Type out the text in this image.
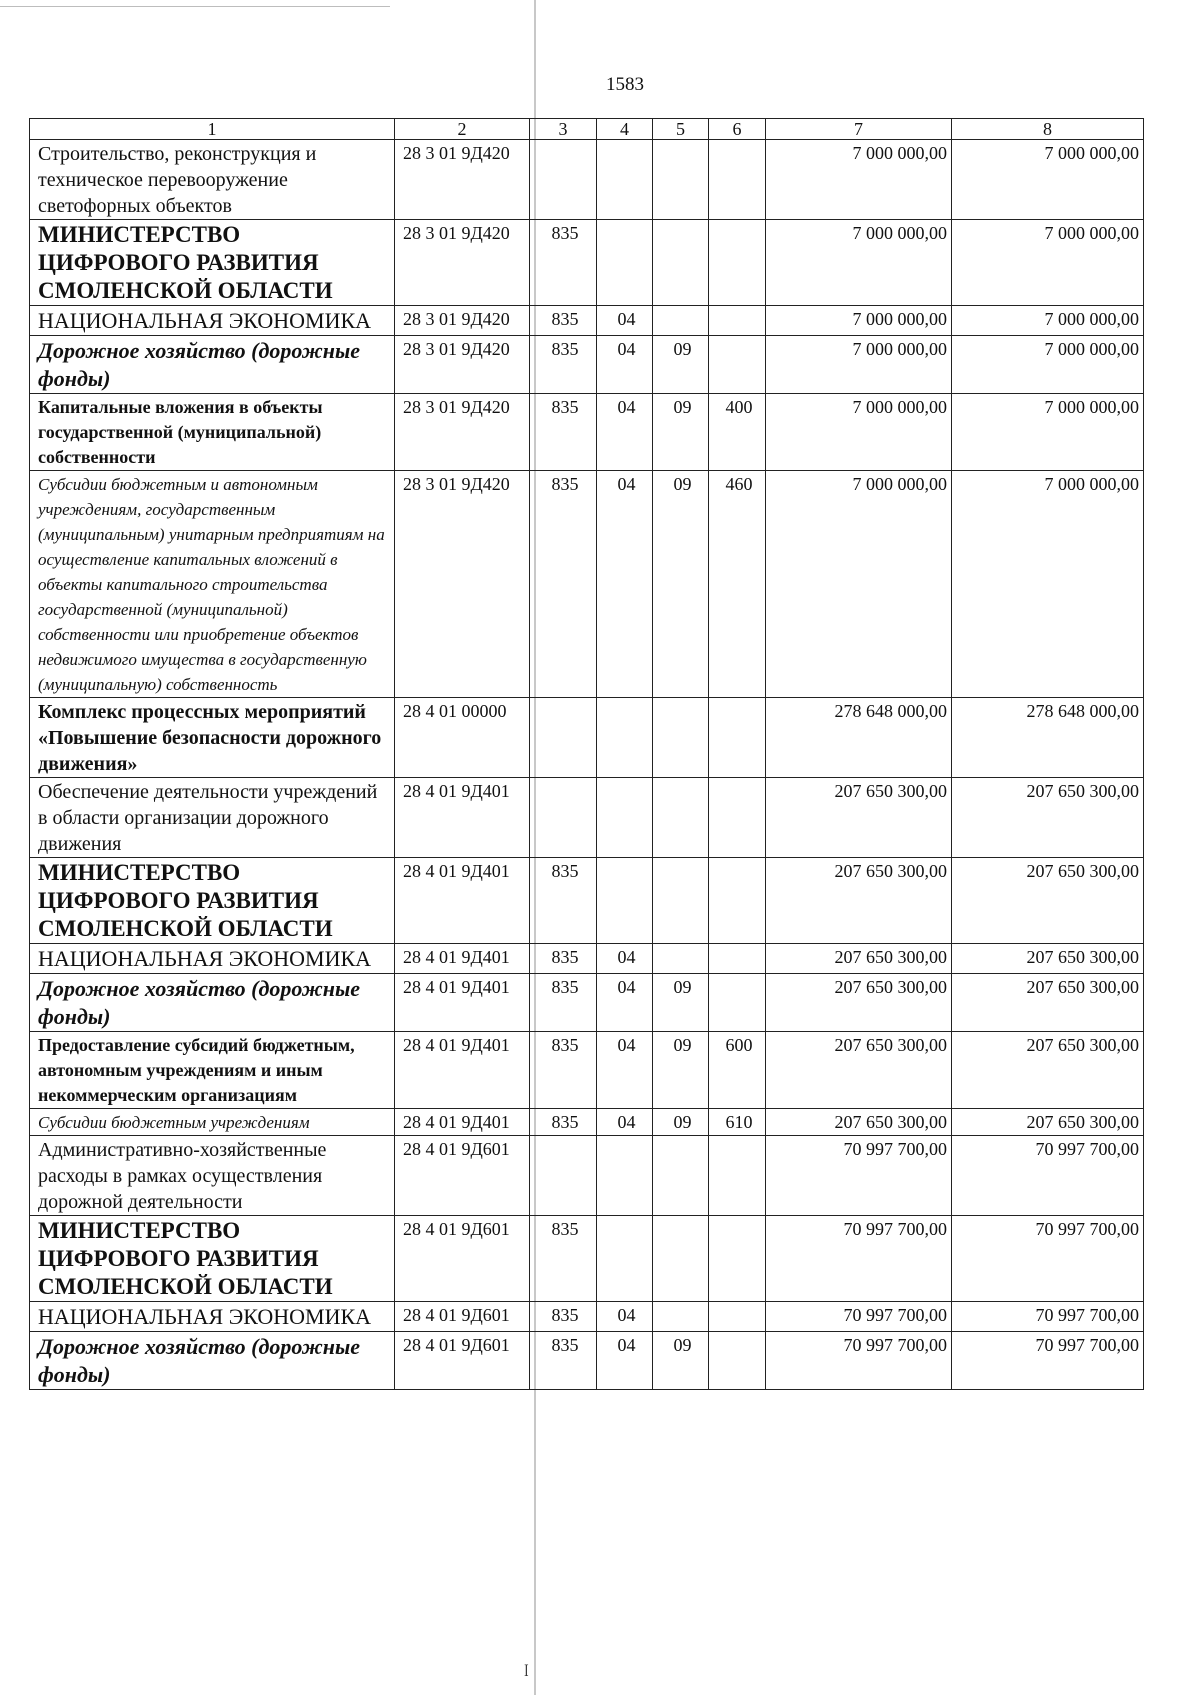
1583
1	2	3	4	5	6	7	8
Строительство, реконструкция и техническое перевооружение светофорных объектов	28 3 01 9Д420					7 000 000,00	7 000 000,00
МИНИСТЕРСТВО ЦИФРОВОГО РАЗВИТИЯ СМОЛЕНСКОЙ ОБЛАСТИ	28 3 01 9Д420	835				7 000 000,00	7 000 000,00
НАЦИОНАЛЬНАЯ ЭКОНОМИКА	28 3 01 9Д420	835	04			7 000 000,00	7 000 000,00
Дорожное хозяйство (дорожные фонды)	28 3 01 9Д420	835	04	09		7 000 000,00	7 000 000,00
Капитальные вложения в объекты государственной (муниципальной) собственности	28 3 01 9Д420	835	04	09	400	7 000 000,00	7 000 000,00
Субсидии бюджетным и автономным учреждениям, государственным (муниципальным) унитарным предприятиям на осуществление капитальных вложений в объекты капитального строительства государственной (муниципальной) собственности или приобретение объектов недвижимого имущества в государственную (муниципальную) собственность	28 3 01 9Д420	835	04	09	460	7 000 000,00	7 000 000,00
Комплекс процессных мероприятий «Повышение безопасности дорожного движения»	28 4 01 00000					278 648 000,00	278 648 000,00
Обеспечение деятельности учреждений в области организации дорожного движения	28 4 01 9Д401					207 650 300,00	207 650 300,00
МИНИСТЕРСТВО ЦИФРОВОГО РАЗВИТИЯ СМОЛЕНСКОЙ ОБЛАСТИ	28 4 01 9Д401	835				207 650 300,00	207 650 300,00
НАЦИОНАЛЬНАЯ ЭКОНОМИКА	28 4 01 9Д401	835	04			207 650 300,00	207 650 300,00
Дорожное хозяйство (дорожные фонды)	28 4 01 9Д401	835	04	09		207 650 300,00	207 650 300,00
Предоставление субсидий бюджетным, автономным учреждениям и иным некоммерческим организациям	28 4 01 9Д401	835	04	09	600	207 650 300,00	207 650 300,00
Субсидии бюджетным учреждениям	28 4 01 9Д401	835	04	09	610	207 650 300,00	207 650 300,00
Административно-хозяйственные расходы в рамках осуществления дорожной деятельности	28 4 01 9Д601					70 997 700,00	70 997 700,00
МИНИСТЕРСТВО ЦИФРОВОГО РАЗВИТИЯ СМОЛЕНСКОЙ ОБЛАСТИ	28 4 01 9Д601	835				70 997 700,00	70 997 700,00
НАЦИОНАЛЬНАЯ ЭКОНОМИКА	28 4 01 9Д601	835	04			70 997 700,00	70 997 700,00
Дорожное хозяйство (дорожные фонды)	28 4 01 9Д601	835	04	09		70 997 700,00	70 997 700,00
ꟾ
